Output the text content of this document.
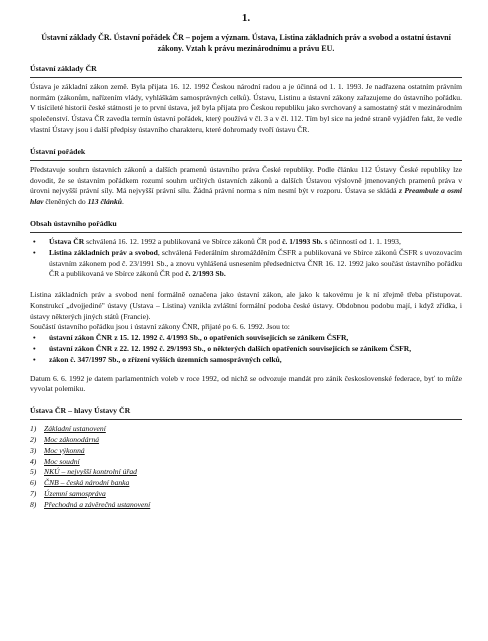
1.
Ústavní základy ČR. Ústavní pořádek ČR – pojem a význam. Ústava, Listina základních práv a svobod a ostatní ústavní zákony. Vztah k právu mezinárodnímu a právu EU.
Ústavní základy ČR

Ústava je základní zákon země. Byla přijata 16. 12. 1992 Českou národní radou a je účinná od 1. 1. 1993. Je nadřazena ostatním právním normám (zákonům, nařízením vlády, vyhláškám samosprávných celků). Ústavu, Listinu a ústavní zákony zařazujeme do ústavního pořádku. V tisícileté historii české státnosti je to první ústava, jež byla přijata pro Českou republiku jako svrchovaný a samostatný stát v mezinárodním společenství. Ústava ČR zavedla termín ústavní pořádek, který používá v čl. 3 a v čl. 112. Tím byl sice na jedné straně vyjádřen fakt, že vedle vlastní Ústavy jsou i další předpisy ústavního charakteru, které dohromady tvoří ústavu ČR.

Ústavní pořádek

Představuje souhrn ústavních zákonů a dalších pramenů ústavního práva České republiky. Podle článku 112 Ústavy České republiky lze dovodit, že se ústavním pořádkem rozumí souhrn určitých ústavních zákonů a dalších Ústavou výslovně jmenovaných pramenů práva v úrovni nejvyšší právní síly. Má nejvyšší právní sílu. Žádná právní norma s ním nesmí být v rozporu. Ústava se skládá z Preambule a osmi hlav členěných do 113 článků.

Obsah ústavního pořádku
• Ústava ČR schválená 16. 12. 1992 a publikovaná ve Sbírce zákonů ČR pod č. 1/1993 Sb. s účinností od 1. 1. 1993,
• Listina základních práv a svobod, schválená Federálním shromážděním ČSFR a publikovaná ve Sbírce zákonů ČSFR s uvozovacím ústavním zákonem pod č. 23/1991 Sb., a znovu vyhlášená usnesením předsednictva ČNR 16. 12. 1992 jako součást ústavního pořádku ČR a publikovaná ve Sbírce zákonů ČR pod č. 2/1993 Sb.

Listina základních práv a svobod není formálně označena jako ústavní zákon, ale jako k takovému je k ní zřejmě třeba přistupovat. Konstrukcí „dvojjediné" ústavy (Ustava – Listina) vznikla zvláštní formální podoba české ústavy. Obdobnou podobu mají, i když zřídka, i ústavy některých jiných států (Francie).

Součástí ústavního pořádku jsou i ústavní zákony ČNR, přijaté po 6. 6. 1992. Jsou to:

• ústavní zákon ČNR z 15. 12. 1992 č. 4/1993 Sb., o opatřeních souvisejících se zánikem ČSFR,
• ústavní zákon ČNR z 22. 12. 1992 č. 29/1993 Sb., o některých dalších opatřeních souvisejících se zánikem ČSFR,
• zákon č. 347/1997 Sb., o zřízení vyšších územních samosprávných celků,

Datum 6. 6. 1992 je datem parlamentních voleb v roce 1992, od nichž se odvozuje mandát pro zánik československé federace, byť to může vyvolat polemiku.

Ústava ČR – hlavy Ústavy ČR
1)	Základní ustanovení
2)	Moc zákonodárná
3)	Moc výkonná
4)	Moc soudní
5)	NKÚ – nejvyšší kontrolní úřad
6)	ČNB – česká národní banka
7)	Územní samospráva
8)	Přechodná a závěrečná ustanovení
